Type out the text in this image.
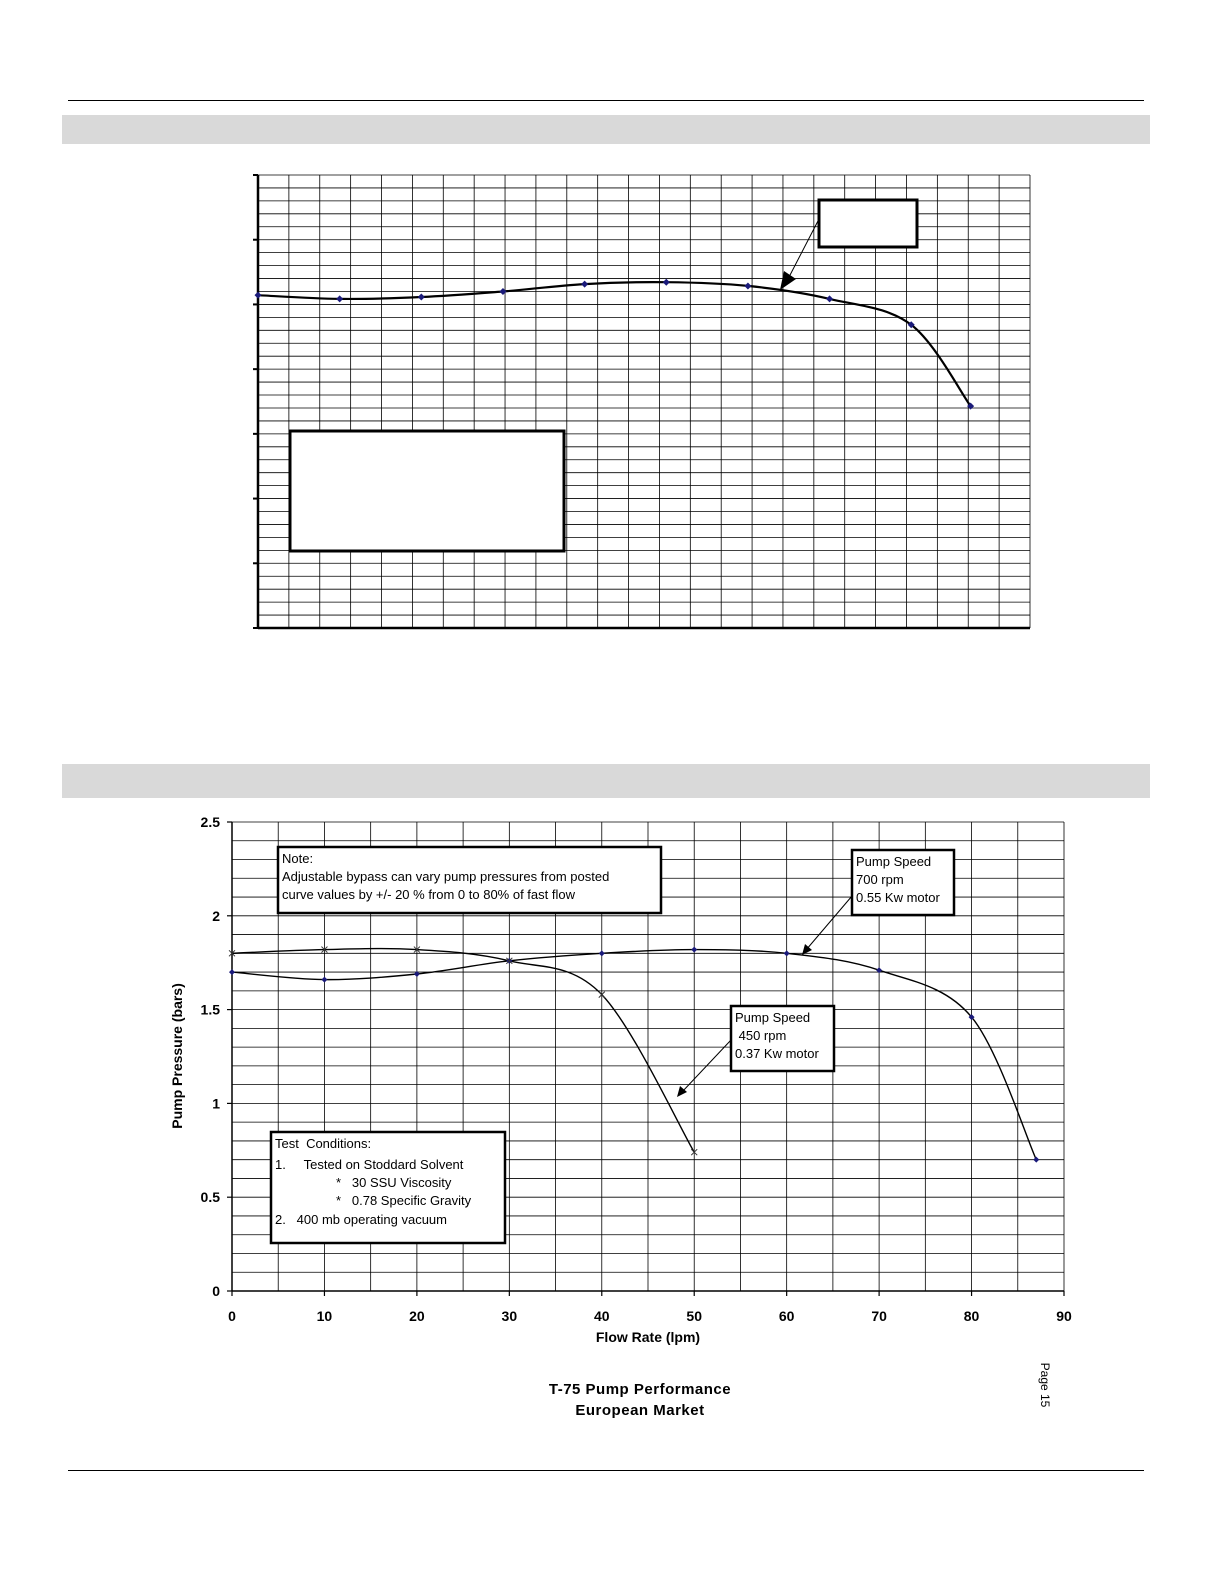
0	10	20	30	40	50	60	70	80	90
0
0.5
1
1.5
2
2.5
Flow Rate (lpm)
Pump Pressure (bars)
Note:
Adjustable bypass can vary pump pressures from posted
curve values by +/- 20 % from 0 to 80% of fast flow
Pump Speed
700 rpm
0.55 Kw motor
Pump Speed
450 rpm
0.37 Kw motor
Test  Conditions:
1.     Tested on Stoddard Solvent
*   30 SSU Viscosity
*   0.78 Specific Gravity
2.   400 mb operating vacuum
T-75 Pump Performance
European Market
Page 15
